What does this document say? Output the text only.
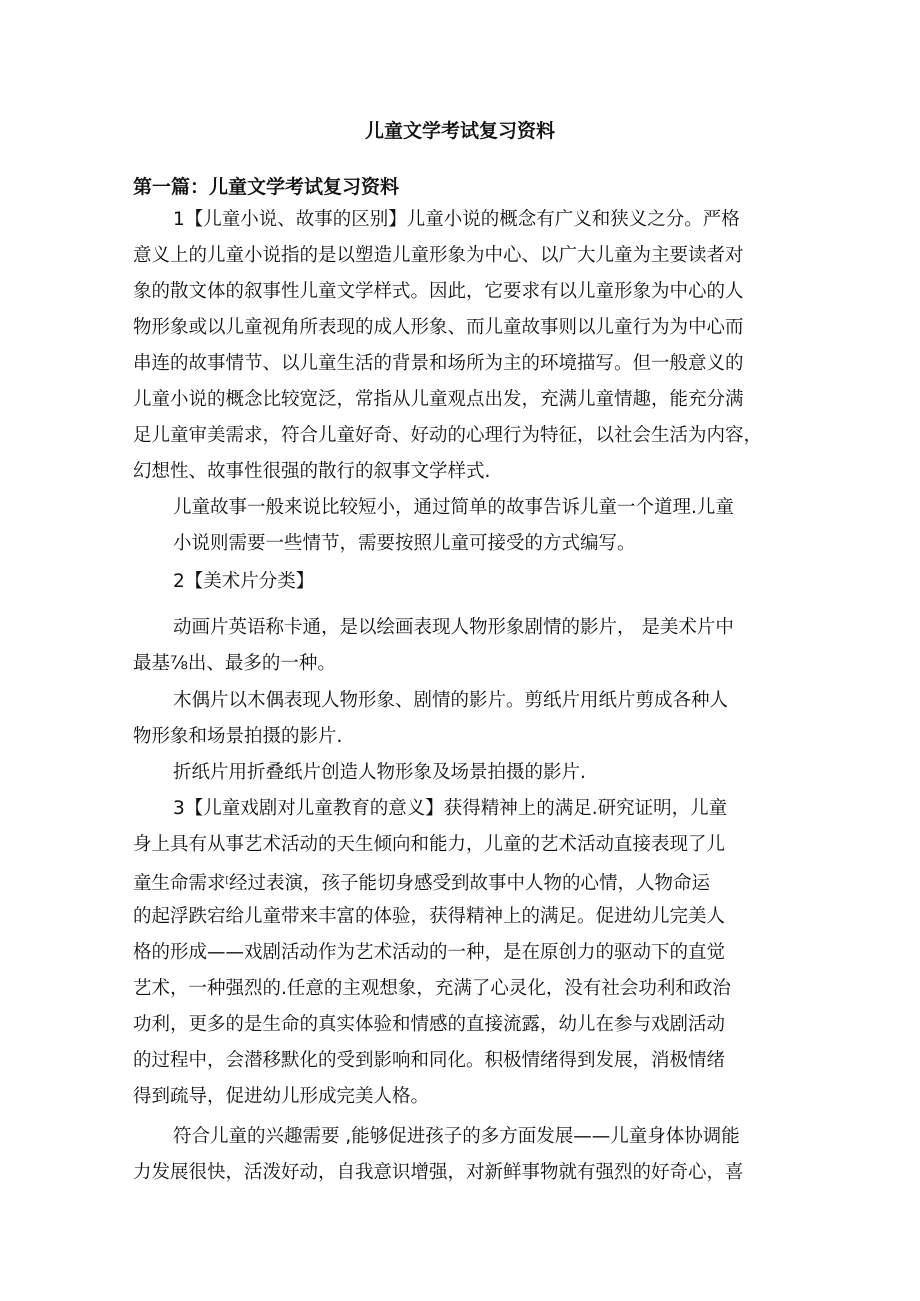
儿童文学考试复习资料
第一篇：儿童文学考试复习资料
1【儿童小说、故事的区别】儿童小说的概念有广义和狭义之分。严格
意义上的儿童小说指的是以塑造儿童形象为中心、以广大儿童为主要读者对
象的散文体的叙事性儿童文学样式。因此，它要求有以儿童形象为中心的人
物形象或以儿童视角所表现的成人形象、而儿童故事则以儿童行为为中心而
串连的故事情节、以儿童生活的背景和场所为主的环境描写。但一般意义的
儿童小说的概念比较宽泛，常指从儿童观点出发，充满儿童情趣，能充分满
足儿童审美需求，符合儿童好奇、好动的心理行为特征，以社会生活为内容，
幻想性、故事性很强的散行的叙事文学样式.
儿童故事一般来说比较短小，通过简单的故事告诉儿童一个道理.儿童
小说则需要一些情节，需要按照儿童可接受的方式编写。
2【美术片分类】
动画片英语称卡通，是以绘画表现人物形象剧情的影片， 是美术片中
最基⅞出、最多的一种。
木偶片以木偶表现人物形象、剧情的影片。剪纸片用纸片剪成各种人
物形象和场景拍摄的影片.
折纸片用折叠纸片创造人物形象及场景拍摄的影片.
3【儿童戏剧对儿童教育的意义】获得精神上的满足.研究证明，儿童
身上具有从事艺术活动的天生倾向和能力，儿童的艺术活动直接表现了儿
童生命需求[经过表演，孩子能切身感受到故事中人物的心情，人物命运
的起浮跌宕给儿童带来丰富的体验，获得精神上的满足。促进幼儿完美人
格的形成——戏剧活动作为艺术活动的一种，是在原创力的驱动下的直觉
艺术，一种强烈的.任意的主观想象，充满了心灵化，没有社会功利和政治
功利，更多的是生命的真实体验和情感的直接流露，幼儿在参与戏剧活动
的过程中，会潜移默化的受到影响和同化。积极情绪得到发展，消极情绪
得到疏导，促进幼儿形成完美人格。
符合儿童的兴趣需要 ,能够促进孩子的多方面发展——儿童身体协调能
力发展很快，活泼好动，自我意识增强，对新鲜事物就有强烈的好奇心，喜
